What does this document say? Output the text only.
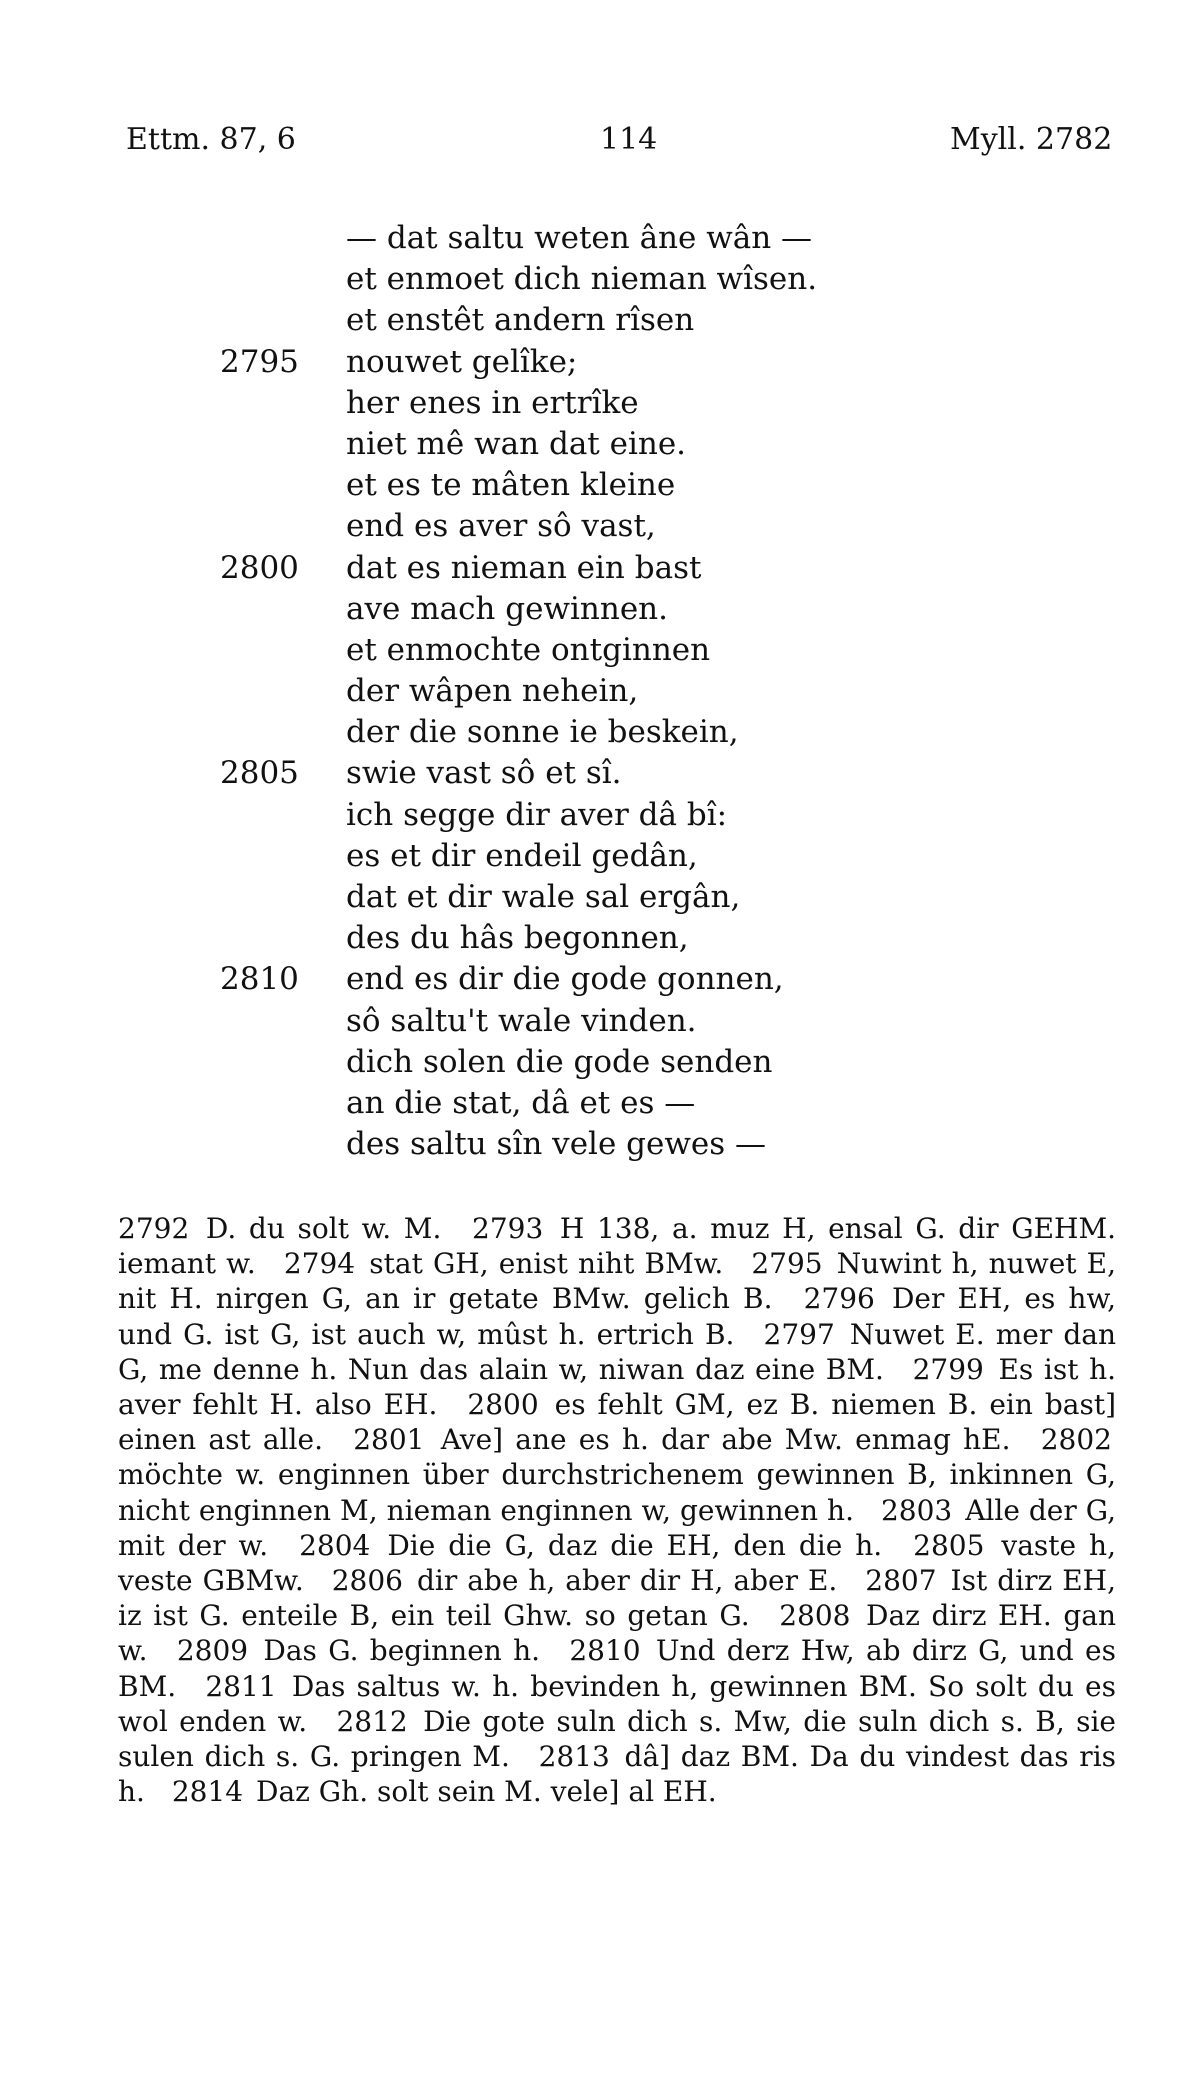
Ettm. 87, 6	114	Myll. 2782
— dat saltu weten âne wân —
et enmoet dich nieman wîsen.
et enstêt andern rîsen
2795	nouwet gelîke;
her enes in ertrîke
niet mê wan dat eine.
et es te mâten kleine
end es aver sô vast,
2800	dat es nieman ein bast
ave mach gewinnen.
et enmochte ontginnen
der wâpen nehein,
der die sonne ie beskein,
2805	swie vast sô et sî.
ich segge dir aver dâ bî:
es et dir endeil gedân,
dat et dir wale sal ergân,
des du hâs begonnen,
2810	end es dir die gode gonnen,
sô saltu't wale vinden.
dich solen die gode senden
an die stat, dâ et es —
des saltu sîn vele gewes —
2792 D. du solt w. M. 2793 H 138, a. muz H, ensal G. dir GEHM. iemant w. 2794 stat GH, enist niht BMw. 2795 Nuwint h, nuwet E, nit H. nirgen G, an ir getate BMw. gelich B. 2796 Der EH, es hw, und G. ist G, ist auch w, mûst h. ertrich B. 2797 Nuwet E. mer dan G, me denne h. Nun das alain w, niwan daz eine BM. 2799 Es ist h. aver fehlt H. also EH. 2800 es fehlt GM, ez B. niemen B. ein bast] einen ast alle. 2801 Ave] ane es h. dar abe Mw. enmag hE. 2802 möchte w. enginnen über durchstrichenem gewinnen B, inkinnen G, nicht enginnen M, nieman enginnen w, gewinnen h. 2803 Alle der G, mit der w. 2804 Die die G, daz die EH, den die h. 2805 vaste h, veste GBMw. 2806 dir abe h, aber dir H, aber E. 2807 Ist dirz EH, iz ist G. enteile B, ein teil Ghw. so getan G. 2808 Daz dirz EH. gan w. 2809 Das G. beginnen h. 2810 Und derz Hw, ab dirz G, und es BM. 2811 Das saltus w. h. bevinden h, gewinnen BM. So solt du es wol enden w. 2812 Die gote suln dich s. Mw, die suln dich s. B, sie sulen dich s. G. pringen M. 2813 dâ] daz BM. Da du vindest das ris h. 2814 Daz Gh. solt sein M. vele] al EH.
